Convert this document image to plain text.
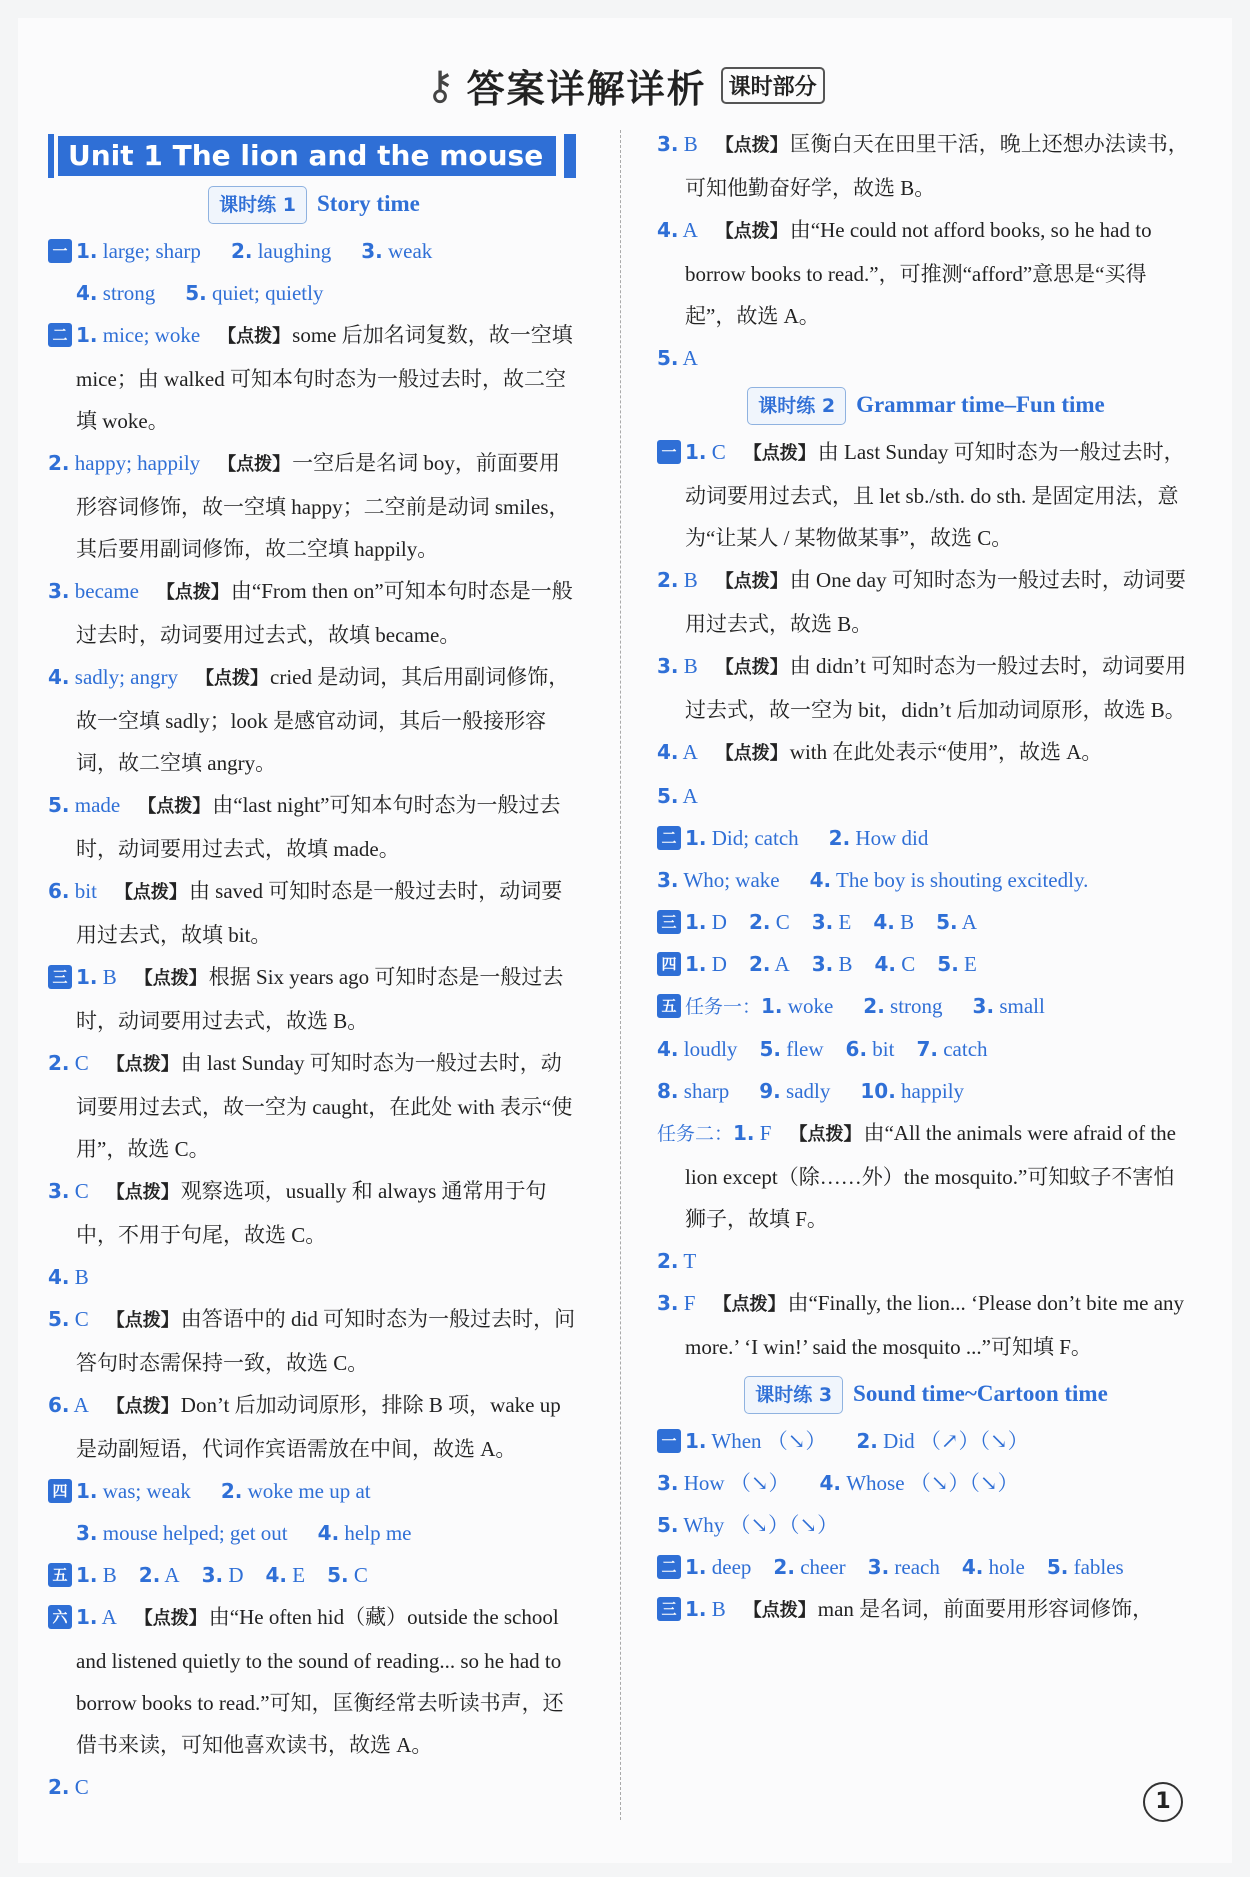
⚷ 答案详解详析 课时部分
Unit 1 The lion and the mouse
课时练 1 Story time
一 1. large; sharp 2. laughing 3. weak
4. strong 5. quiet; quietly
二 1. mice; woke 【点拨】some 后加名词复数，故一空填 mice；由 walked 可知本句时态为一般过去时，故二空填 woke。
2. happy; happily 【点拨】一空后是名词 boy，前面要用形容词修饰，故一空填 happy；二空前是动词 smiles，其后要用副词修饰，故二空填 happily。
3. became 【点拨】由“From then on”可知本句时态是一般过去时，动词要用过去式，故填 became。
4. sadly; angry 【点拨】cried 是动词，其后用副词修饰，故一空填 sadly；look 是感官动词，其后一般接形容词，故二空填 angry。
5. made 【点拨】由“last night”可知本句时态为一般过去时，动词要用过去式，故填 made。
6. bit 【点拨】由 saved 可知时态是一般过去时，动词要用过去式，故填 bit。
三 1. B 【点拨】根据 Six years ago 可知时态是一般过去时，动词要用过去式，故选 B。
2. C 【点拨】由 last Sunday 可知时态为一般过去时，动词要用过去式，故一空为 caught，在此处 with 表示“使用”，故选 C。
3. C 【点拨】观察选项，usually 和 always 通常用于句中，不用于句尾，故选 C。
4. B
5. C 【点拨】由答语中的 did 可知时态为一般过去时，问答句时态需保持一致，故选 C。
6. A 【点拨】Don’t 后加动词原形，排除 B 项，wake up 是动副短语，代词作宾语需放在中间，故选 A。
四 1. was; weak 2. woke me up at
3. mouse helped; get out 4. help me
五 1. B 2. A 3. D 4. E 5. C
六 1. A 【点拨】由“He often hid（藏）outside the school and listened quietly to the sound of reading... so he had to borrow books to read.”可知，匡衡经常去听读书声，还借书来读，可知他喜欢读书，故选 A。
2. C
3. B 【点拨】匡衡白天在田里干活，晚上还想办法读书，可知他勤奋好学，故选 B。
4. A 【点拨】由“He could not afford books, so he had to borrow books to read.”，可推测“afford”意思是“买得起”，故选 A。
5. A
课时练 2 Grammar time–Fun time
一 1. C 【点拨】由 Last Sunday 可知时态为一般过去时，动词要用过去式，且 let sb./sth. do sth. 是固定用法，意为“让某人 / 某物做某事”，故选 C。
2. B 【点拨】由 One day 可知时态为一般过去时，动词要用过去式，故选 B。
3. B 【点拨】由 didn’t 可知时态为一般过去时，动词要用过去式，故一空为 bit，didn’t 后加动词原形，故选 B。
4. A 【点拨】with 在此处表示“使用”，故选 A。
5. A
二 1. Did; catch 2. How did
3. Who; wake 4. The boy is shouting excitedly.
三 1. D 2. C 3. E 4. B 5. A
四 1. D 2. A 3. B 4. C 5. E
五 任务一：1. woke 2. strong 3. small
4. loudly 5. flew 6. bit 7. catch
8. sharp 9. sadly 10. happily
任务二：1. F 【点拨】由“All the animals were afraid of the lion except（除……外）the mosquito.”可知蚊子不害怕狮子，故填 F。
2. T
3. F 【点拨】由“Finally, the lion... ‘Please don’t bite me any more.’ ‘I win!’ said the mosquito ...”可知填 F。
课时练 3 Sound time~Cartoon time
一 1. When （↘） 2. Did （↗）（↘）
3. How （↘） 4. Whose （↘）（↘）
5. Why （↘）（↘）
二 1. deep 2. cheer 3. reach 4. hole 5. fables
三 1. B 【点拨】man 是名词，前面要用形容词修饰，
1
